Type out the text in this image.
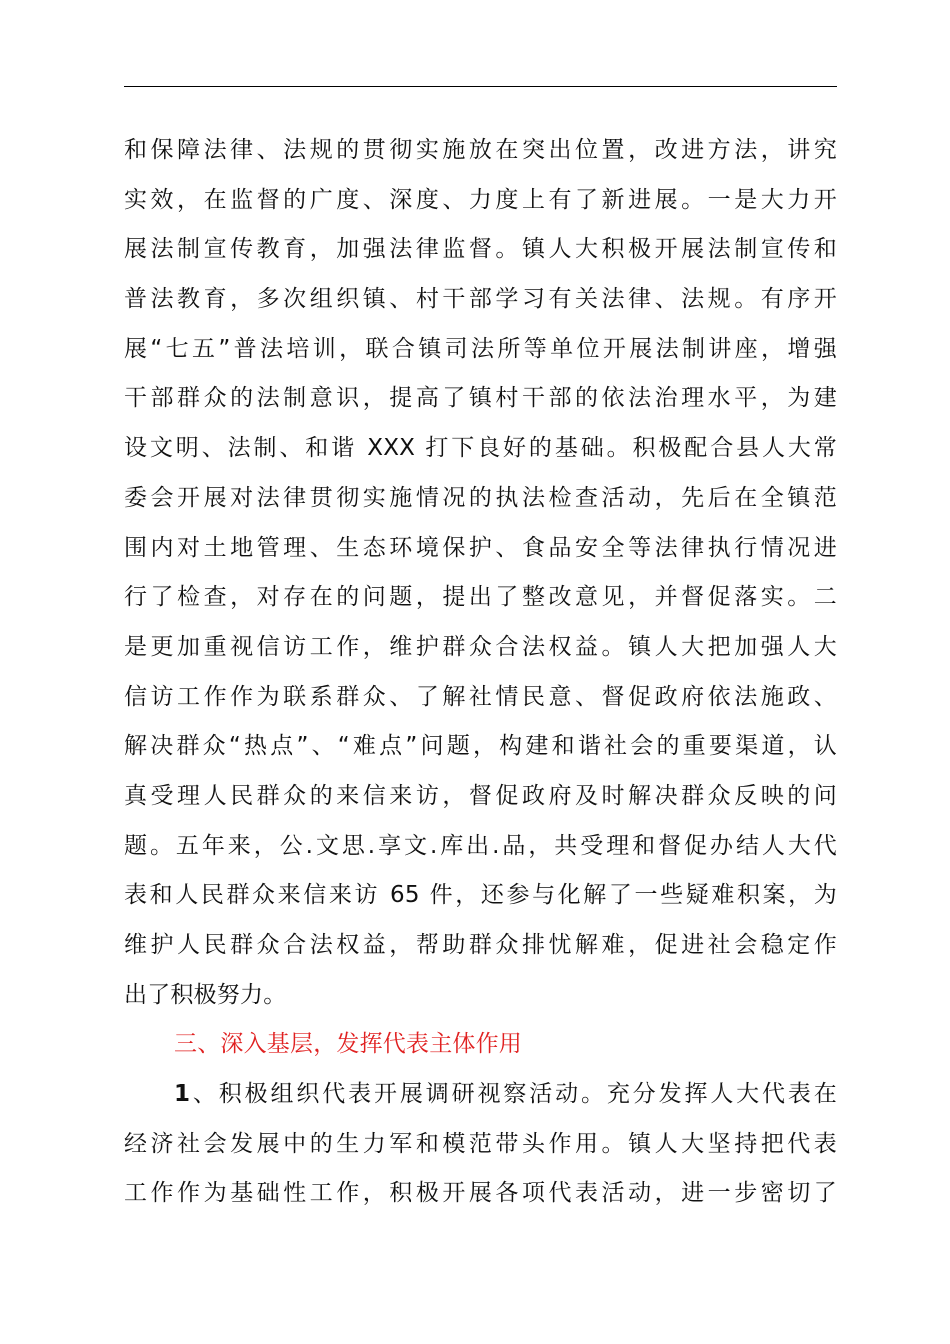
和保障法律、法规的贯彻实施放在突出位置，改进方法，讲究
实效，在监督的广度、深度、力度上有了新进展。一是大力开
展法制宣传教育，加强法律监督。镇人大积极开展法制宣传和
普法教育，多次组织镇、村干部学习有关法律、法规。有序开
展“七五”普法培训，联合镇司法所等单位开展法制讲座，增强
干部群众的法制意识，提高了镇村干部的依法治理水平，为建
设文明、法制、和谐 XXX 打下良好的基础。积极配合县人大常
委会开展对法律贯彻实施情况的执法检查活动，先后在全镇范
围内对土地管理、生态环境保护、食品安全等法律执行情况进
行了检查，对存在的问题，提出了整改意见，并督促落实。二
是更加重视信访工作，维护群众合法权益。镇人大把加强人大
信访工作作为联系群众、了解社情民意、督促政府依法施政、
解决群众“热点”、“难点”问题，构建和谐社会的重要渠道，认
真受理人民群众的来信来访，督促政府及时解决群众反映的问
题。五年来，公.文思.享文.库出.品，共受理和督促办结人大代
表和人民群众来信来访 65 件，还参与化解了一些疑难积案，为
维护人民群众合法权益，帮助群众排忧解难，促进社会稳定作
出了积极努力。
三、深入基层，发挥代表主体作用
1、积极组织代表开展调研视察活动。充分发挥人大代表在
经济社会发展中的生力军和模范带头作用。镇人大坚持把代表
工作作为基础性工作，积极开展各项代表活动，进一步密切了
